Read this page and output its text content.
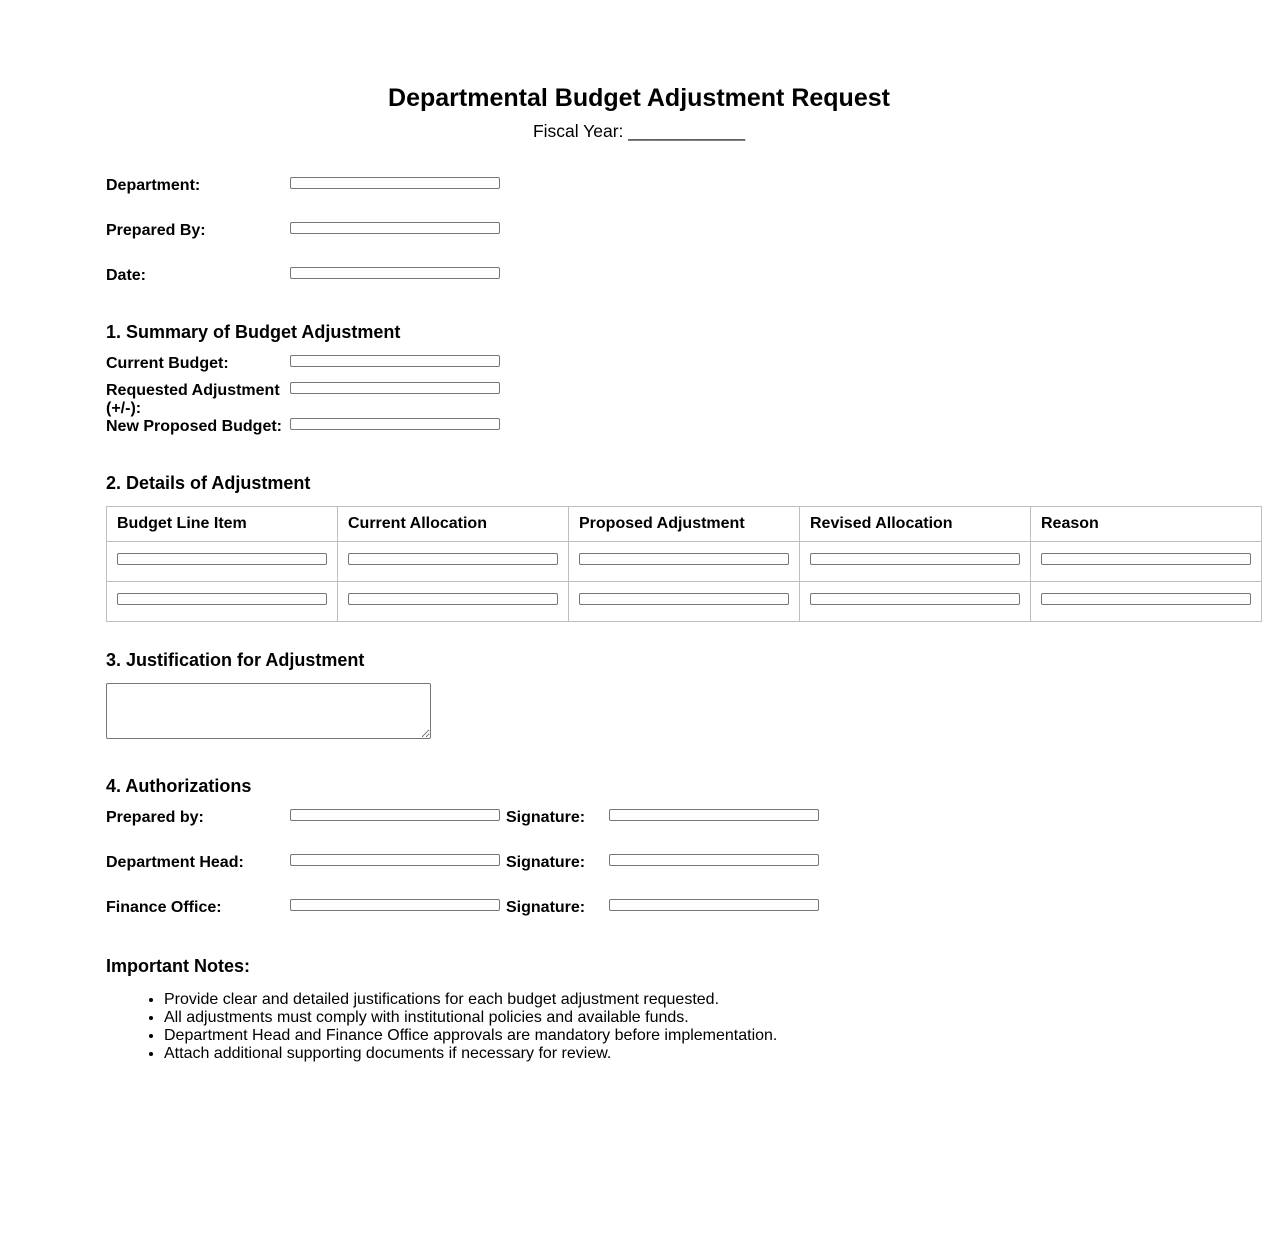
Departmental Budget Adjustment Request
Fiscal Year: ____________
Department:
Prepared By:
Date:
1. Summary of Budget Adjustment
Current Budget:
Requested Adjustment (+/-):
New Proposed Budget:
2. Details of Adjustment
Budget Line Item	Current Allocation	Proposed Adjustment	Revised Allocation	Reason

3. Justification for Adjustment
4. Authorizations
Prepared by:	Signature:
Department Head:	Signature:
Finance Office:	Signature:
Important Notes:
• Provide clear and detailed justifications for each budget adjustment requested.
• All adjustments must comply with institutional policies and available funds.
• Department Head and Finance Office approvals are mandatory before implementation.
• Attach additional supporting documents if necessary for review.
